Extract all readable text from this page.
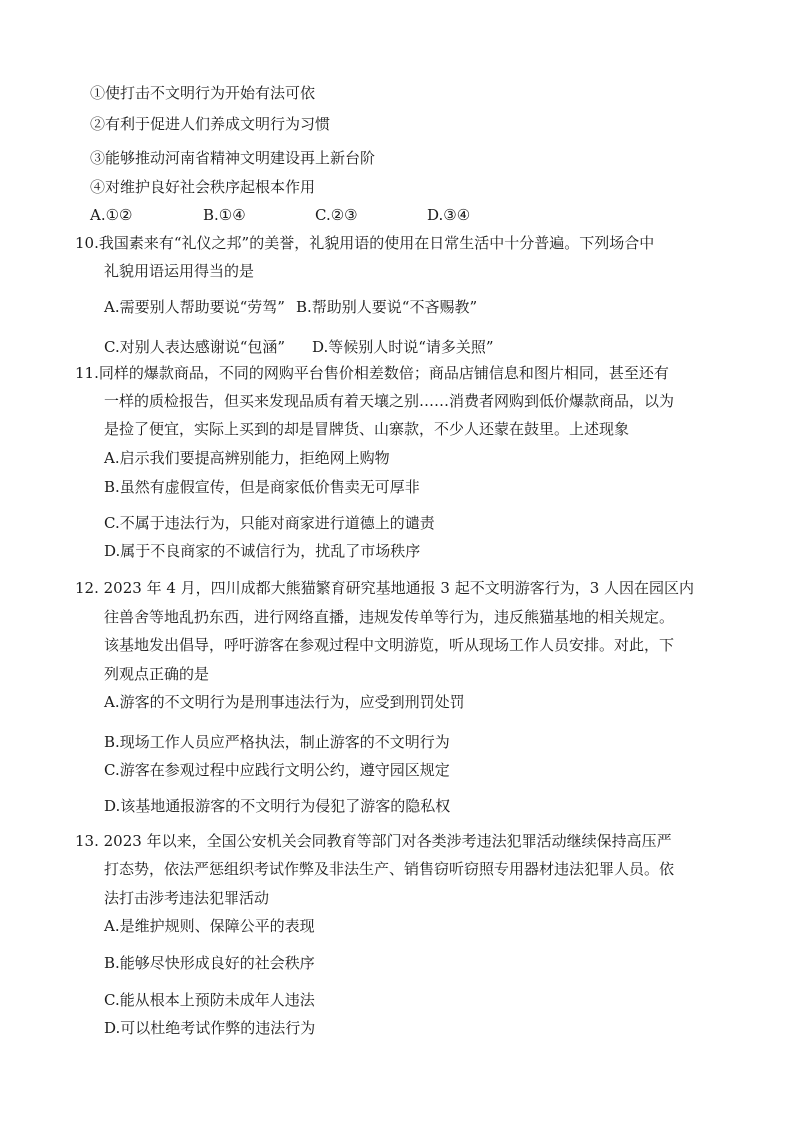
①使打击不文明行为开始有法可依
②有利于促进人们养成文明行为习惯
③能够推动河南省精神文明建设再上新台阶
④对维护良好社会秩序起根本作用
A.①②	B.①④	C.②③	D.③④
10.我国素来有“礼仪之邦”的美誉，礼貌用语的使用在日常生活中十分普遍。下列场合中
礼貌用语运用得当的是
A.需要别人帮助要说“劳驾” B.帮助别人要说“不吝赐教”
C.对别人表达感谢说“包涵” D.等候别人时说“请多关照”
11.同样的爆款商品，不同的网购平台售价相差数倍；商品店铺信息和图片相同，甚至还有
一样的质检报告，但买来发现品质有着天壤之别……消费者网购到低价爆款商品，以为
是捡了便宜，实际上买到的却是冒牌货、山寨款，不少人还蒙在鼓里。上述现象
A.启示我们要提高辨别能力，拒绝网上购物
B.虽然有虚假宣传，但是商家低价售卖无可厚非
C.不属于违法行为，只能对商家进行道德上的谴责
D.属于不良商家的不诚信行为，扰乱了市场秩序
12. 2023 年 4 月，四川成都大熊猫繁育研究基地通报 3 起不文明游客行为，3 人因在园区内
往兽舍等地乱扔东西，进行网络直播，违规发传单等行为，违反熊猫基地的相关规定。
该基地发出倡导，呼吁游客在参观过程中文明游览，听从现场工作人员安排。对此，下
列观点正确的是
A.游客的不文明行为是刑事违法行为，应受到刑罚处罚
B.现场工作人员应严格执法，制止游客的不文明行为
C.游客在参观过程中应践行文明公约，遵守园区规定
D.该基地通报游客的不文明行为侵犯了游客的隐私权
13. 2023 年以来，全国公安机关会同教育等部门对各类涉考违法犯罪活动继续保持高压严
打态势，依法严惩组织考试作弊及非法生产、销售窃听窃照专用器材违法犯罪人员。依
法打击涉考违法犯罪活动
A.是维护规则、保障公平的表现
B.能够尽快形成良好的社会秩序
C.能从根本上预防未成年人违法
D.可以杜绝考试作弊的违法行为
